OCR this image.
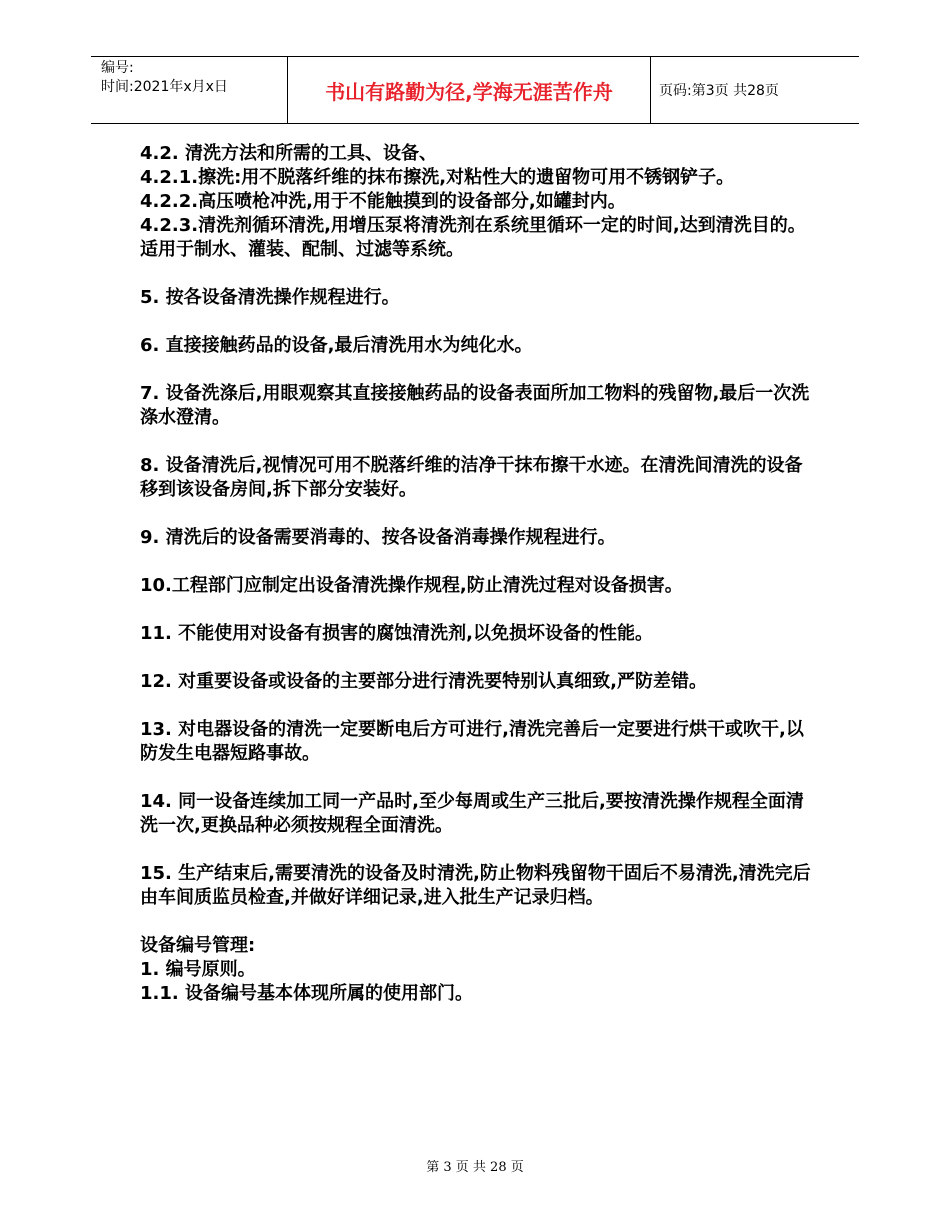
编号:
时间:2021年x月x日	书山有路勤为径,学海无涯苦作舟	页码:第3页 共28页

4.2. 清洗方法和所需的工具、设备、

4.2.1.擦洗:用不脱落纤维的抹布擦洗,对粘性大的遗留物可用不锈钢铲子。

4.2.2.高压喷枪冲洗,用于不能触摸到的设备部分,如罐封内。

4.2.3.清洗剂循环清洗,用增压泵将清洗剂在系统里循环一定的时间,达到清洗目的。适用于制水、灌装、配制、过滤等系统。

5. 按各设备清洗操作规程进行。

6. 直接接触药品的设备,最后清洗用水为纯化水。

7. 设备洗涤后,用眼观察其直接接触药品的设备表面所加工物料的残留物,最后一次洗涤水澄清。

8. 设备清洗后,视情况可用不脱落纤维的洁净干抹布擦干水迹。在清洗间清洗的设备移到该设备房间,拆下部分安装好。

9. 清洗后的设备需要消毒的、按各设备消毒操作规程进行。

10.工程部门应制定出设备清洗操作规程,防止清洗过程对设备损害。

11. 不能使用对设备有损害的腐蚀清洗剂,以免损坏设备的性能。

12. 对重要设备或设备的主要部分进行清洗要特别认真细致,严防差错。

13. 对电器设备的清洗一定要断电后方可进行,清洗完善后一定要进行烘干或吹干,以防发生电器短路事故。

14. 同一设备连续加工同一产品时,至少每周或生产三批后,要按清洗操作规程全面清洗一次,更换品种必须按规程全面清洗。

15. 生产结束后,需要清洗的设备及时清洗,防止物料残留物干固后不易清洗,清洗完后由车间质监员检查,并做好详细记录,进入批生产记录归档。

设备编号管理:

1. 编号原则。

1.1. 设备编号基本体现所属的使用部门。

第 3 页 共 28 页
